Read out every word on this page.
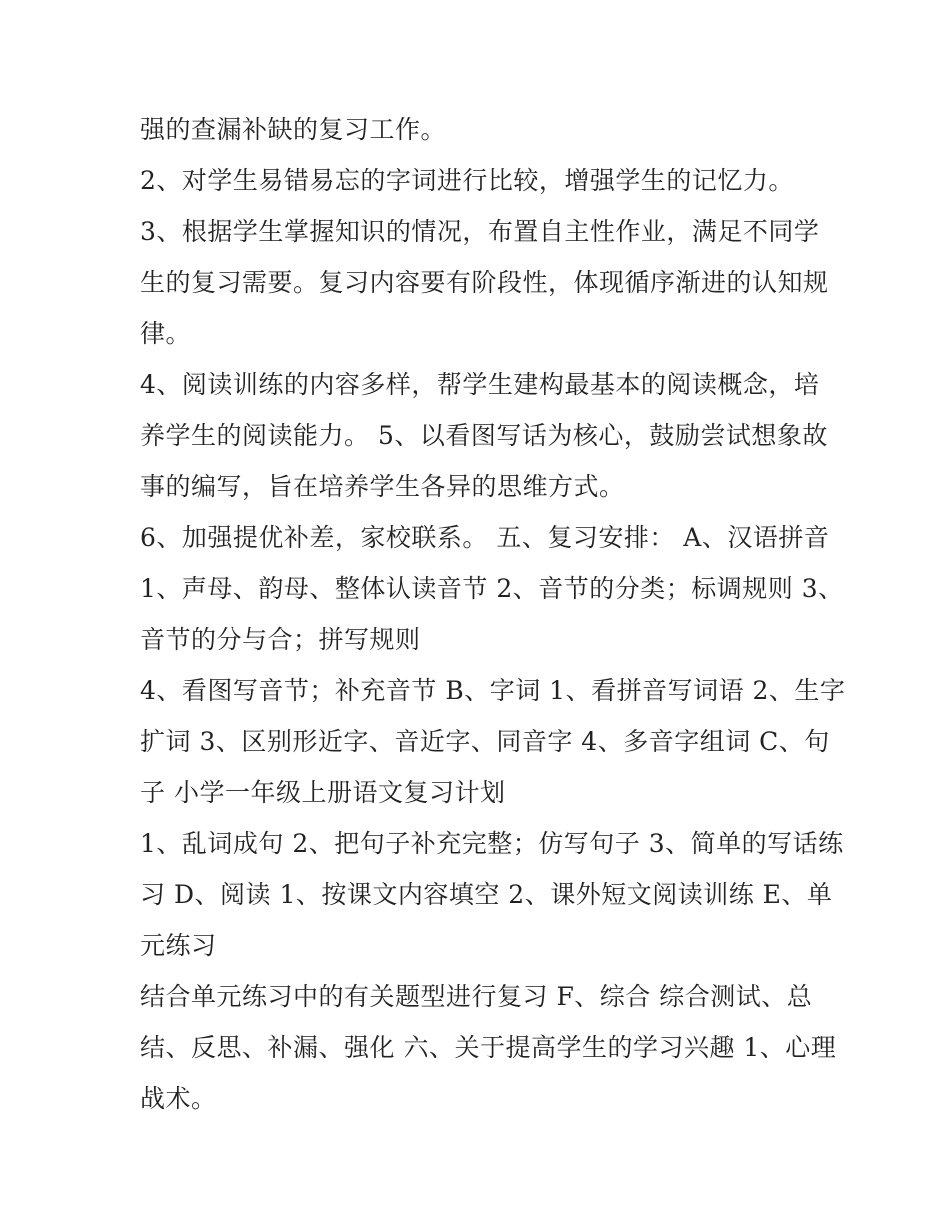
强的查漏补缺的复习工作。
2、对学生易错易忘的字词进行比较，增强学生的记忆力。
3、根据学生掌握知识的情况，布置自主性作业，满足不同学
生的复习需要。复习内容要有阶段性，体现循序渐进的认知规
律。
4、阅读训练的内容多样，帮学生建构最基本的阅读概念，培
养学生的阅读能力。 5、以看图写话为核心，鼓励尝试想象故
事的编写，旨在培养学生各异的思维方式。
6、加强提优补差，家校联系。 五、复习安排： A、汉语拼音
1、声母、韵母、整体认读音节 2、音节的分类；标调规则 3、
音节的分与合；拼写规则
4、看图写音节；补充音节 B、字词 1、看拼音写词语 2、生字
扩词 3、区别形近字、音近字、同音字 4、多音字组词 C、句
子 小学一年级上册语文复习计划
1、乱词成句 2、把句子补充完整；仿写句子 3、简单的写话练
习 D、阅读 1、按课文内容填空 2、课外短文阅读训练 E、单
元练习
结合单元练习中的有关题型进行复习 F、综合 综合测试、总
结、反思、补漏、强化 六、关于提高学生的学习兴趣 1、心理
战术。
